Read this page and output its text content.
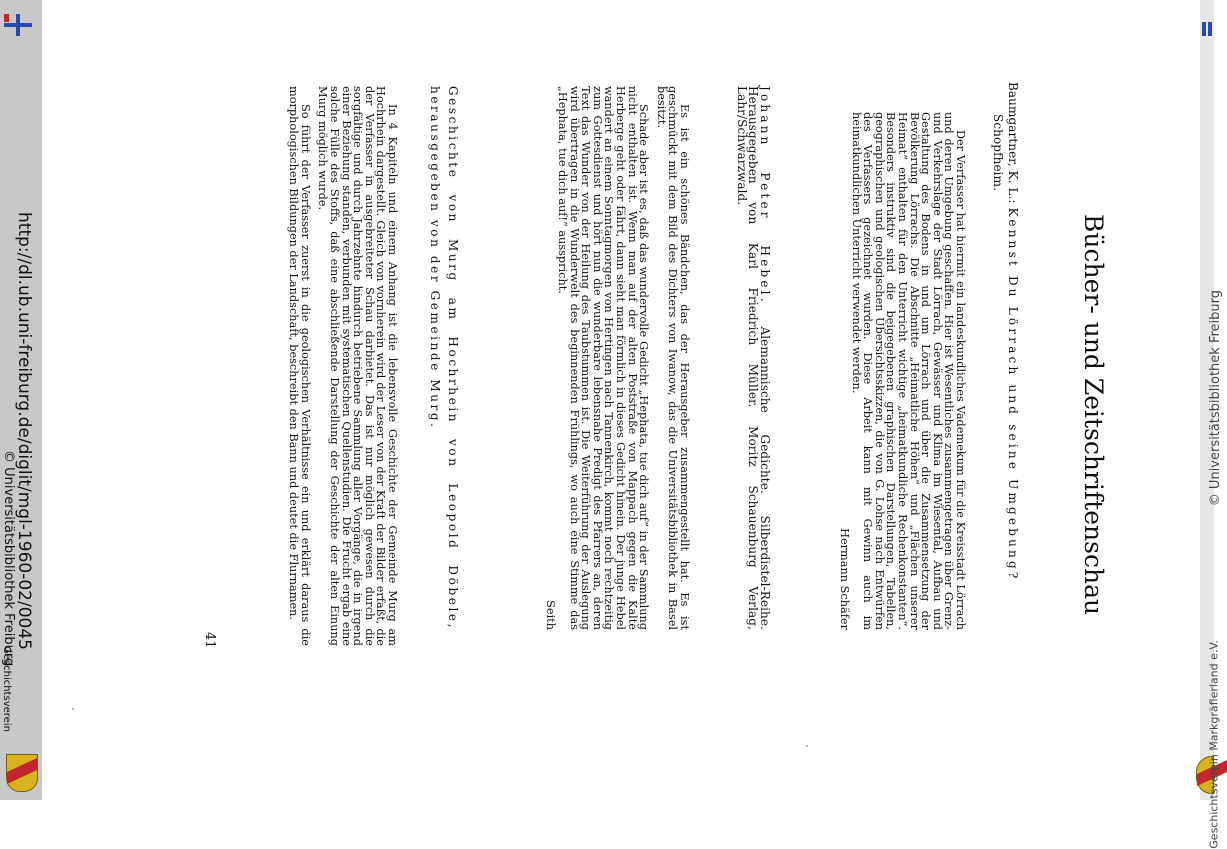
http://dl.ub.uni-freiburg.de/diglit/mgl-1960-02/0045
© Universitätsbibliothek Freiburg
Geschichtsverein
© Universitätsbibliothek Freiburg
Geschichtsverein Markgräflerland e.V.
Bücher- und Zeitschriftenschau
Baumgartner, K. L.: Kennst Du Lörrach und seine Umgebung?
Schopfheim.

Der Verfasser hat hiermit ein landeskundliches Vademekum für die Kreisstadt Lörrach und deren Umgebung geschaffen. Hier ist Wesentliches zusammengetragen über Grenz- und Verkehrslage der Stadt Lörrach, Gewässer und Klima im Wiesental, Aufbau und Gestaltung des Bodens in und um Lörrach und über die Zusammensetzung der Bevölkerung Lörrachs. Die Abschnitte „Heimatliche Höhen“ und „Flächen unserer Heimat“ enthalten für den Unterricht wichtige „heimatkundliche Rechenkonstanten“. Besonders instruktiv sind die beigegebenen graphischen Darstellungen, Tabellen, geographischen und geologischen Übersichtsskizzen, die von G. Lohse nach Entwürfen des Verfassers gezeichnet wurden. Diese Arbeit kann mit Gewinn auch im heimatkundlichen Unterricht verwendet werden.

Hermann Schäfer

Johann Peter Hebel. Alemannische Gedichte. Silberdistel-Reihe. Herausgegeben von Karl Friedrich Müller. Moritz Schauenburg Verlag, Lahr/Schwarzwald.

Es ist ein schönes Bändchen, das der Herausgeber zusammengestellt hat. Es ist geschmückt mit dem Bild des Dichters von Iwanow, das die Universitätsbibliothek in Basel besitzt.

Schade aber ist es, daß das wundervolle Gedicht „Hephata, tue dich auf“ in der Sammlung nicht enthalten ist. Wenn man auf der alten Poststraße von Mappach gegen die Kalte Herberge geht oder fährt, dann sieht man förmlich in dieses Gedicht hinein. Der junge Hebel wandert an einem Sonntagmorgen von Hertingen nach Tannenkirch, kommt noch rechtzeitig zum Gottesdienst und hört nun die wunderbare lebensnahe Predigt des Pfarrers an, deren Text das Wunder von der Heilung des Taubstummen ist. Die Weiterführung der Auslegung wird übertragen in die Wunderwelt des beginnenden Frühlings, wo auch eine Stimme das „Hephata, tue dich auf!“ ausspricht.

Seith

Geschichte von Murg am Hochrhein von Leopold Döbele, herausgegeben von der Gemeinde Murg.

In 4 Kapiteln und einem Anhang ist die lebensvolle Geschichte der Gemeinde Murg am Hochrhein dargestellt. Gleich von vornherein wird der Leser von der Kraft der Bilder erfaßt, die der Verfasser in ausgebreiteter Schau darbietet. Das ist nur möglich gewesen durch die sorgfältige und durch Jahrzehnte hindurch betriebene Sammlung aller Vorgänge, die in irgend einer Beziehung standen, verbunden mit systematischen Quellenstudien. Die Frucht ergab eine solche Fülle des Stoffs, daß eine abschließende Darstellung der Geschichte der alten Einung Murg möglich wurde.

So führt der Verfasser zuerst in die geologischen Verhältnisse ein und erklärt daraus die morphologischen Bildungen der Landschaft, beschreibt den Bann und deutet die Flurnamen.

41
